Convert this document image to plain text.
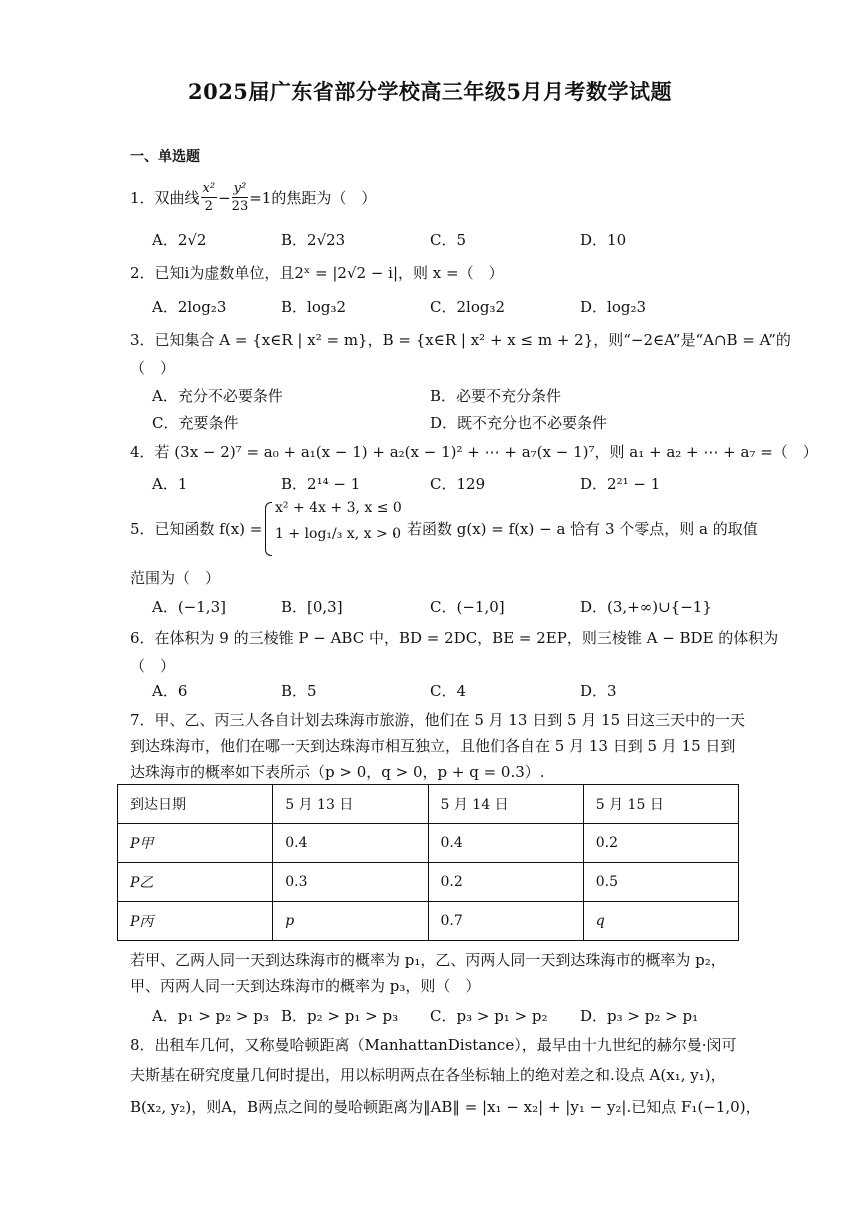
2025届广东省部分学校高三年级5月月考数学试题
一、单选题
1．双曲线 $\frac{\text{x²}}{2} - \frac{\text{y²}}{23} =1$的焦距为（　）
A．2√2	B．2√23	C．5	D．10
2．已知i为虚数单位，且2ˣ = |2√2 − i|，则 x =（　）
A．2log₂3	B．log₃2	C．2log₃2	D．log₂3
3．已知集合 A = {x∈R | x² = m}，B = {x∈R | x² + x ≤ m + 2}，则“−2∈A”是“A∩B = A”的
（　）
A．充分不必要条件	B．必要不充分条件
C．充要条件	D．既不充分也不必要条件
4．若 (3x − 2)⁷ = a₀ + a₁(x − 1) + a₂(x − 1)² + ⋯ + a₇(x − 1)⁷，则 a₁ + a₂ + ⋯ + a₇ =（　）
A．1	B．2¹⁴ − 1	C．129	D．2²¹ − 1
5．已知函数 f(x) =
x² + 4x + 3, x ≤ 0
1 + log₁/₃ x, x > 0
，若函数 g(x) = f(x) − a 恰有 3 个零点，则 a 的取值
范围为（　）
A．(−1,3]	B．[0,3]	C．(−1,0]	D．(3,+∞)∪{−1}
6．在体积为 9 的三棱锥 P − ABC 中，BD = 2DC，BE = 2EP，则三棱锥 A − BDE 的体积为
（　）
A．6	B．5	C．4	D．3
7．甲、乙、丙三人各自计划去珠海市旅游，他们在 5 月 13 日到 5 月 15 日这三天中的一天
到达珠海市，他们在哪一天到达珠海市相互独立，且他们各自在 5 月 13 日到 5 月 15 日到
达珠海市的概率如下表所示（p > 0，q > 0，p + q = 0.3）.
到达日期	5 月 13 日	5 月 14 日	5 月 15 日
P甲	0.4	0.4	0.2
P乙	0.3	0.2	0.5
P丙	p	0.7	q
若甲、乙两人同一天到达珠海市的概率为 p₁，乙、丙两人同一天到达珠海市的概率为 p₂，
甲、丙两人同一天到达珠海市的概率为 p₃，则（　）
A．p₁ > p₂ > p₃ B．p₂ > p₁ > p₃ C．p₃ > p₁ > p₂ D．p₃ > p₂ > p₁
8．出租车几何，又称曼哈顿距离（ManhattanDistance），最早由十九世纪的赫尔曼·闵可
夫斯基在研究度量几何时提出，用以标明两点在各坐标轴上的绝对差之和.设点 A(x₁, y₁)，
B(x₂, y₂)，则A，B两点之间的曼哈顿距离为‖AB‖ = |x₁ − x₂| + |y₁ − y₂|.已知点 F₁(−1,0)，
